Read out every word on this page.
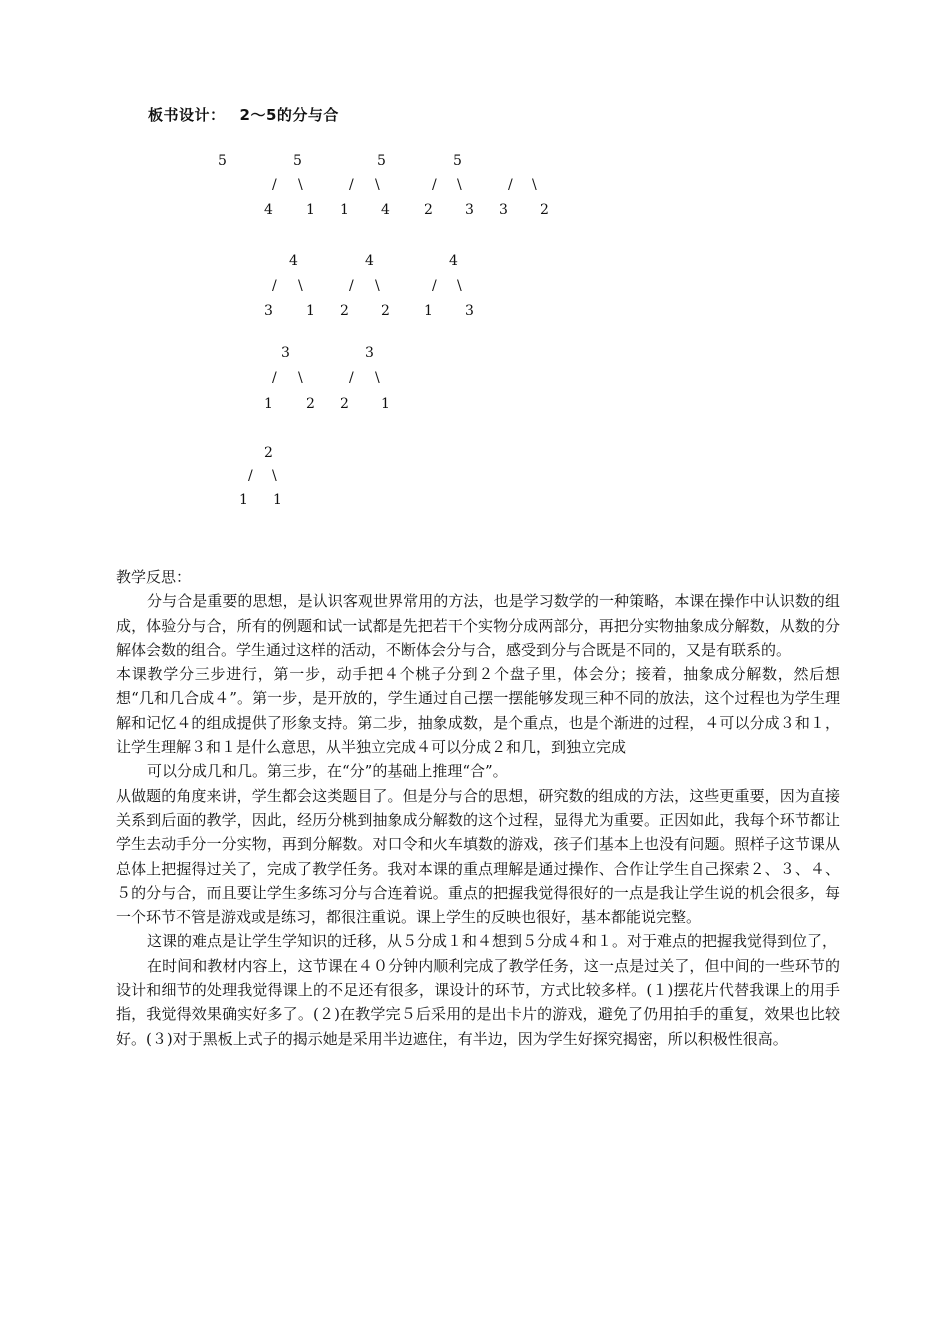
板书设计： 2～5的分与合
5	5
/ \
4 1
5
/ \
1 4
5
/ \
2 3
/ \
3 2
4
/ \
3 1
4
/ \
2 2
4
/ \
1 3
3
/ \
1 2
3
/ \
2 1
2
/ \
1 1

教学反思：

分与合是重要的思想，是认识客观世界常用的方法，也是学习数学的一种策略，本课在操作中认识数的组成，体验分与合，所有的例题和试一试都是先把若干个实物分成两部分，再把分实物抽象成分解数，从数的分解体会数的组合。学生通过这样的活动，不断体会分与合，感受到分与合既是不同的，又是有联系的。

本课教学分三步进行，第一步，动手把４个桃子分到２个盘子里，体会分；接着，抽象成分解数，然后想想“几和几合成４”。第一步，是开放的，学生通过自己摆一摆能够发现三种不同的放法，这个过程也为学生理解和记忆４的组成提供了形象支持。第二步，抽象成数，是个重点，也是个渐进的过程，４可以分成３和１，让学生理解３和１是什么意思，从半独立完成４可以分成２和几，到独立完成

可以分成几和几。第三步，在“分”的基础上推理“合”。

从做题的角度来讲，学生都会这类题目了。但是分与合的思想，研究数的组成的方法，这些更重要，因为直接关系到后面的教学，因此，经历分桃到抽象成分解数的这个过程，显得尤为重要。正因如此，我每个环节都让学生去动手分一分实物，再到分解数。对口令和火车填数的游戏，孩子们基本上也没有问题。照样子这节课从总体上把握得过关了，完成了教学任务。我对本课的重点理解是通过操作、合作让学生自己探索２、３、４、５的分与合，而且要让学生多练习分与合连着说。重点的把握我觉得很好的一点是我让学生说的机会很多，每一个环节不管是游戏或是练习，都很注重说。课上学生的反映也很好，基本都能说完整。

这课的难点是让学生学知识的迁移，从５分成１和４想到５分成４和１。对于难点的把握我觉得到位了，

在时间和教材内容上，这节课在４０分钟内顺利完成了教学任务，这一点是过关了，但中间的一些环节的设计和细节的处理我觉得课上的不足还有很多，课设计的环节，方式比较多样。(１)摆花片代替我课上的用手指，我觉得效果确实好多了。(２)在教学完５后采用的是出卡片的游戏，避免了仍用拍手的重复，效果也比较好。(３)对于黑板上式子的揭示她是采用半边遮住，有半边，因为学生好探究揭密，所以积极性很高。
